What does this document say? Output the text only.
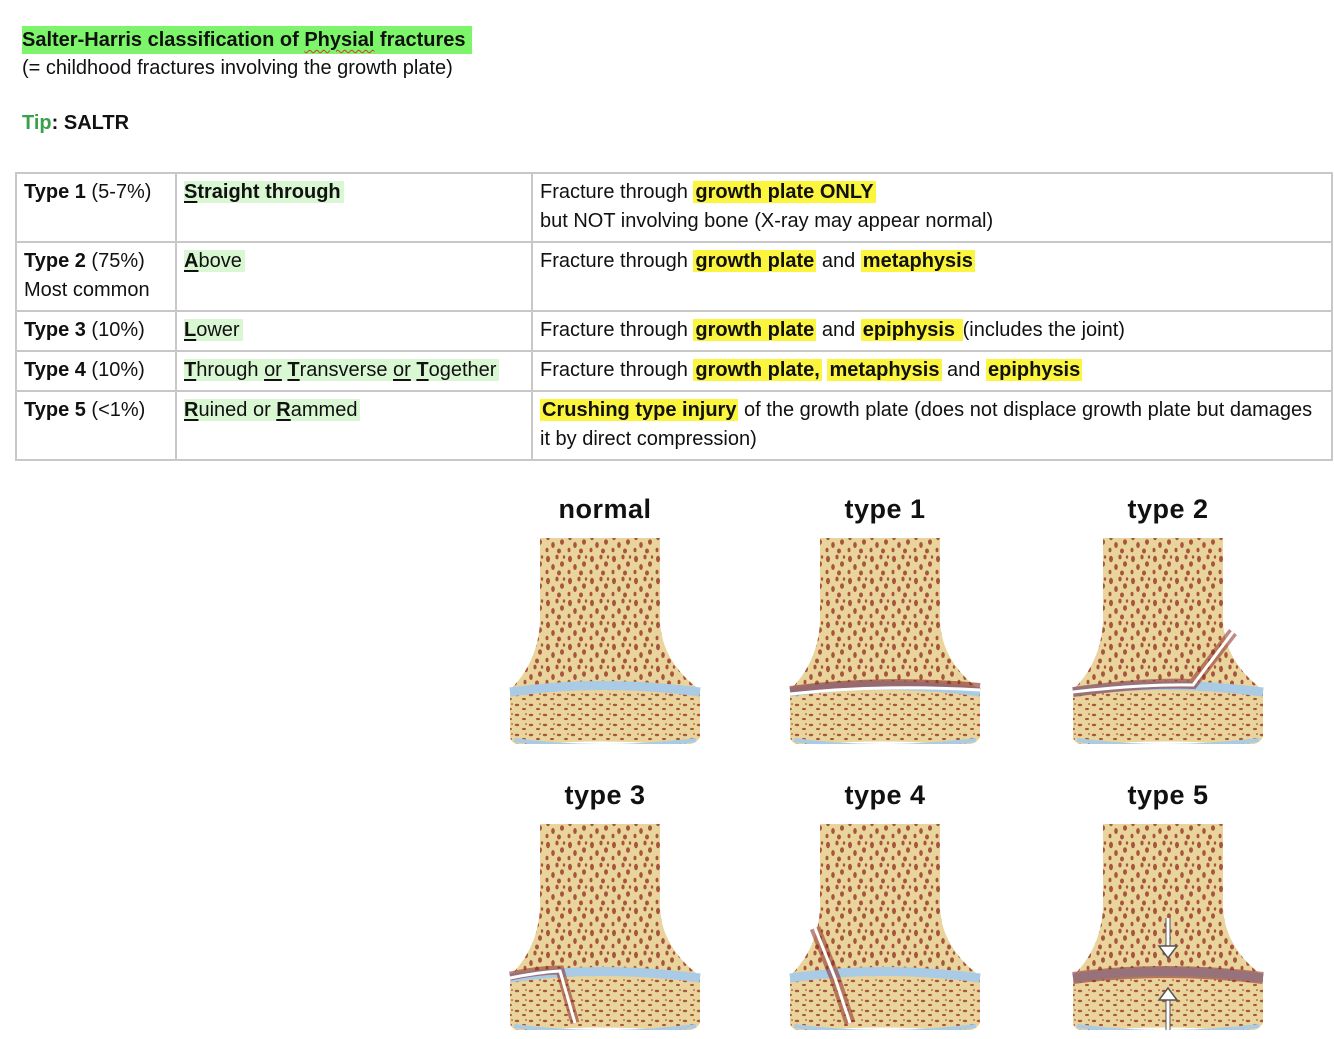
Salter-Harris classification of Physial fractures
(= childhood fractures involving the growth plate)
Tip: SALTR
Type 1 (5-7%)	Straight through	Fracture through growth plate ONLY
but NOT involving bone (X-ray may appear normal)
Type 2 (75%)
Most common	Above	Fracture through growth plate and metaphysis
Type 3 (10%)	Lower	Fracture through growth plate and epiphysis (includes the joint)
Type 4 (10%)	Through or Transverse or Together	Fracture through growth plate, metaphysis and epiphysis
Type 5 (<1%)	Ruined or Rammed	Crushing type injury of the growth plate (does not displace growth plate but damages it by direct compression)
normal	type 1	type 2
type 3	type 4	type 5
